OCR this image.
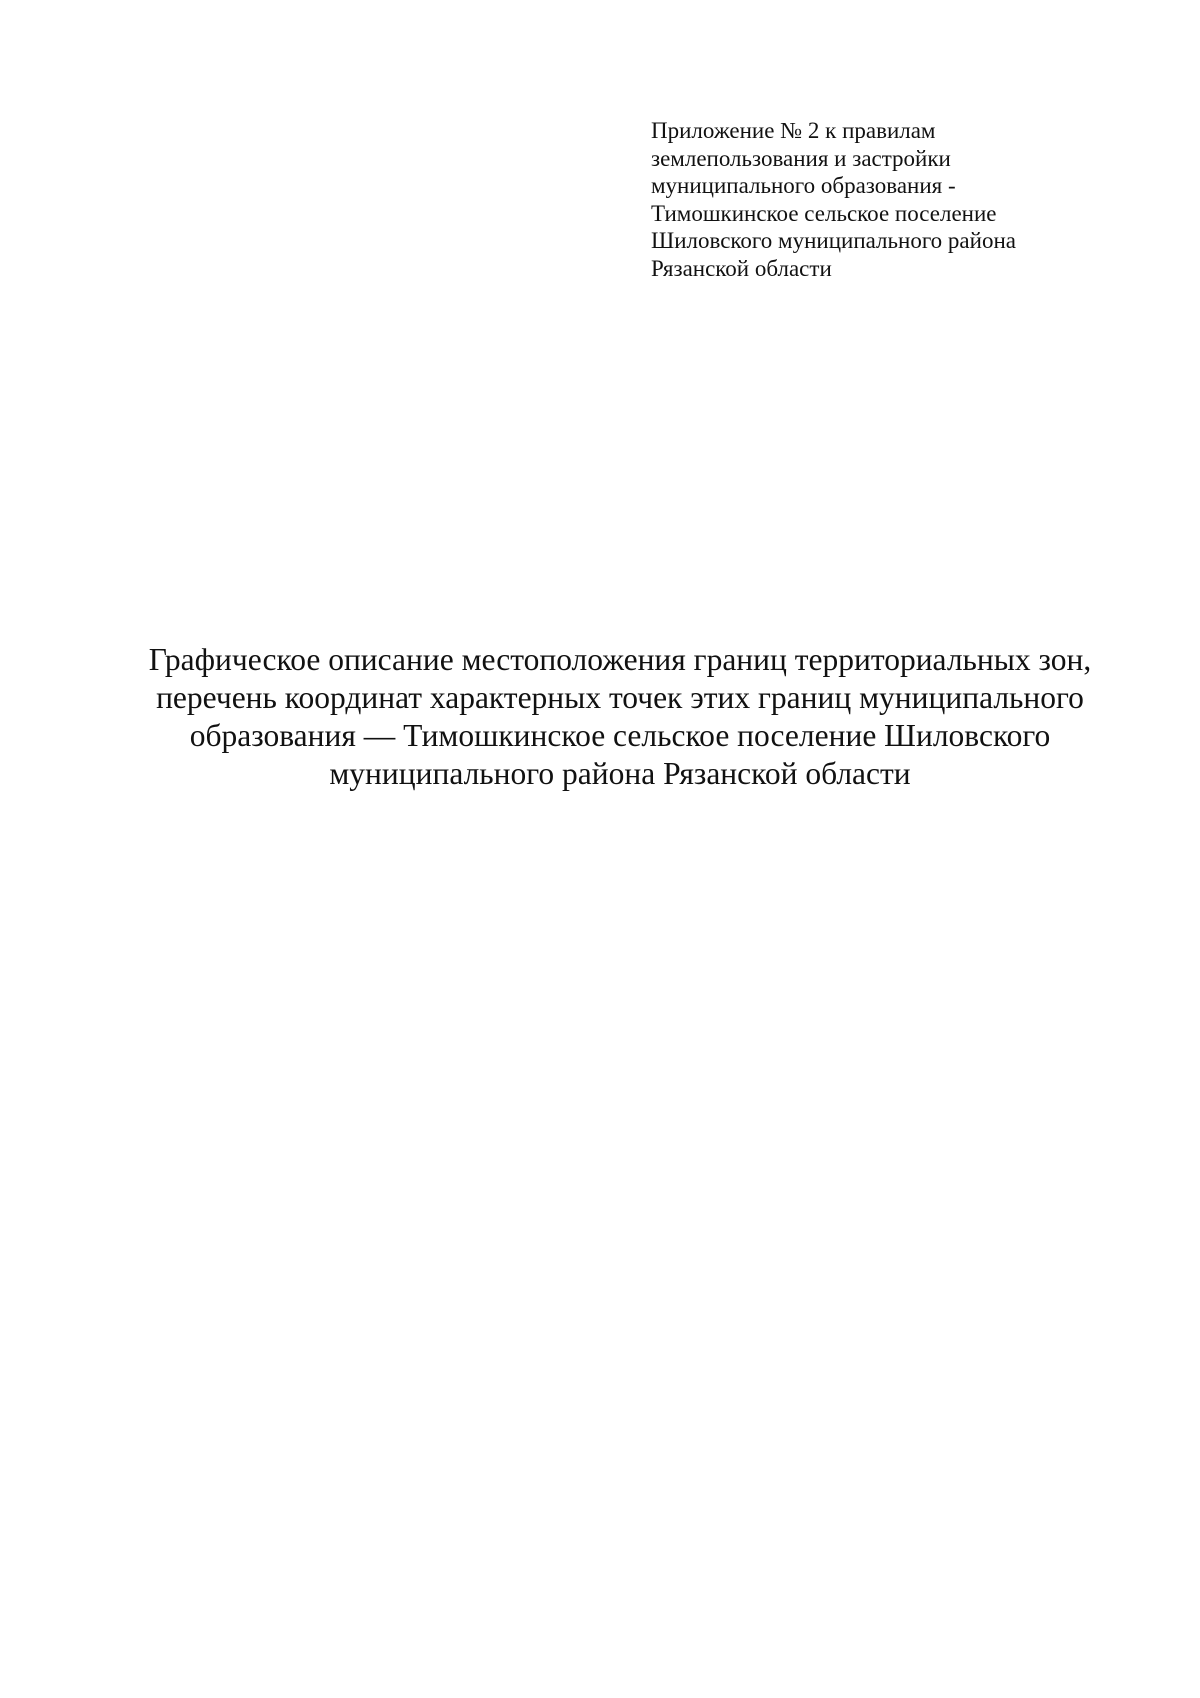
Приложение № 2 к правилам
землепользования и застройки
муниципального образования -
Тимошкинское сельское поселение
Шиловского муниципального района
Рязанской области
Графическое описание местоположения границ территориальных зон,
перечень координат характерных точек этих границ муниципального
образования — Тимошкинское сельское поселение Шиловского
муниципального района Рязанской области
